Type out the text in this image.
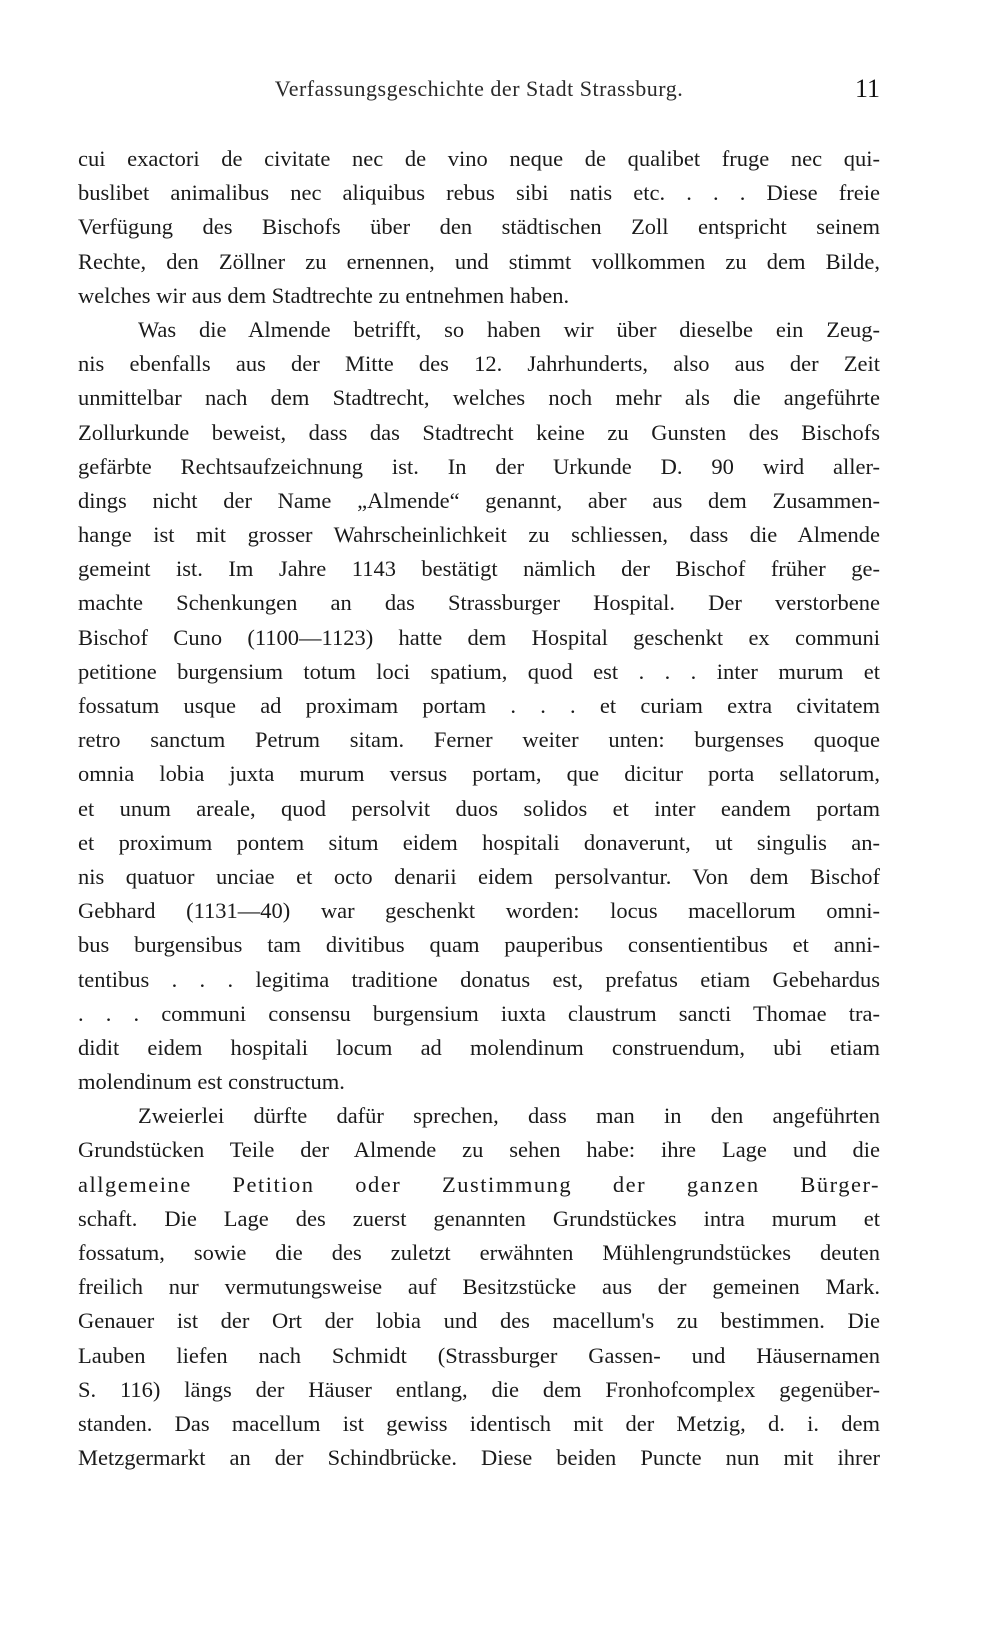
Verfassungsgeschichte der Stadt Strassburg.	11
cui exactori de civitate nec de vino neque de qualibet fruge nec qui-
buslibet animalibus nec aliquibus rebus sibi natis etc. . . . Diese freie
Verfügung des Bischofs über den städtischen Zoll entspricht seinem
Rechte, den Zöllner zu ernennen, und stimmt vollkommen zu dem Bilde,
welches wir aus dem Stadtrechte zu entnehmen haben.
Was die Almende betrifft, so haben wir über dieselbe ein Zeug-
nis ebenfalls aus der Mitte des 12. Jahrhunderts, also aus der Zeit
unmittelbar nach dem Stadtrecht, welches noch mehr als die angeführte
Zollurkunde beweist, dass das Stadtrecht keine zu Gunsten des Bischofs
gefärbte Rechtsaufzeichnung ist. In der Urkunde D. 90 wird aller-
dings nicht der Name „Almende“ genannt, aber aus dem Zusammen-
hange ist mit grosser Wahrscheinlichkeit zu schliessen, dass die Almende
gemeint ist. Im Jahre 1143 bestätigt nämlich der Bischof früher ge-
machte Schenkungen an das Strassburger Hospital. Der verstorbene
Bischof Cuno (1100—1123) hatte dem Hospital geschenkt ex communi
petitione burgensium totum loci spatium, quod est . . . inter murum et
fossatum usque ad proximam portam . . . et curiam extra civitatem
retro sanctum Petrum sitam. Ferner weiter unten: burgenses quoque
omnia lobia juxta murum versus portam, que dicitur porta sellatorum,
et unum areale, quod persolvit duos solidos et inter eandem portam
et proximum pontem situm eidem hospitali donaverunt, ut singulis an-
nis quatuor unciae et octo denarii eidem persolvantur. Von dem Bischof
Gebhard (1131—40) war geschenkt worden: locus macellorum omni-
bus burgensibus tam divitibus quam pauperibus consentientibus et anni-
tentibus . . . legitima traditione donatus est, prefatus etiam Gebehardus
. . . communi consensu burgensium iuxta claustrum sancti Thomae tra-
didit eidem hospitali locum ad molendinum construendum, ubi etiam
molendinum est constructum.
Zweierlei dürfte dafür sprechen, dass man in den angeführten
Grundstücken Teile der Almende zu sehen habe: ihre Lage und die
allgemeine Petition oder Zustimmung der ganzen Bürger-
schaft. Die Lage des zuerst genannten Grundstückes intra murum et
fossatum, sowie die des zuletzt erwähnten Mühlengrundstückes deuten
freilich nur vermutungsweise auf Besitzstücke aus der gemeinen Mark.
Genauer ist der Ort der lobia und des macellum's zu bestimmen. Die
Lauben liefen nach Schmidt (Strassburger Gassen- und Häusernamen
S. 116) längs der Häuser entlang, die dem Fronhofcomplex gegenüber-
standen. Das macellum ist gewiss identisch mit der Metzig, d. i. dem
Metzgermarkt an der Schindbrücke. Diese beiden Puncte nun mit ihrer
